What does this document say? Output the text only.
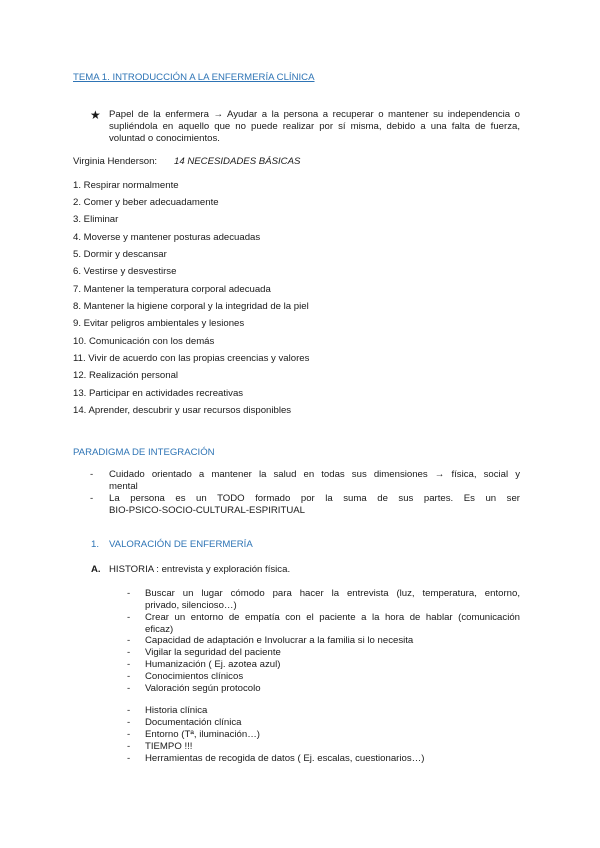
TEMA 1. INTRODUCCIÓN A LA ENFERMERÍA CLÍNICA
★ Papel de la enfermera → Ayudar a la persona a recuperar o mantener su independencia o
supliéndola en aquello que no puede realizar por sí misma, debido a una falta de fuerza,
voluntad o conocimientos.
Virginia Henderson: 14 NECESIDADES BÁSICAS
1. Respirar normalmente
2. Comer y beber adecuadamente
3. Eliminar
4. Moverse y mantener posturas adecuadas
5. Dormir y descansar
6. Vestirse y desvestirse
7. Mantener la temperatura corporal adecuada
8. Mantener la higiene corporal y la integridad de la piel
9. Evitar peligros ambientales y lesiones
10. Comunicación con los demás
11. Vivir de acuerdo con las propias creencias y valores
12. Realización personal
13. Participar en actividades recreativas
14. Aprender, descubrir y usar recursos disponibles
PARADIGMA DE INTEGRACIÓN
- Cuidado orientado a mantener la salud en todas sus dimensiones → física, social y
mental
- La persona es un TODO formado por la suma de sus partes. Es un ser
BIO-PSICO-SOCIO-CULTURAL-ESPIRITUAL
1. VALORACIÓN DE ENFERMERÍA
A. HISTORIA : entrevista y exploración física.
- Buscar un lugar cómodo para hacer la entrevista (luz, temperatura, entorno,
privado, silencioso…)
- Crear un entorno de empatía con el paciente a la hora de hablar (comunicación
eficaz)
- Capacidad de adaptación e Involucrar a la familia si lo necesita
- Vigilar la seguridad del paciente
- Humanización ( Ej. azotea azul)
- Conocimientos clínicos
- Valoración según protocolo
- Historia clínica
- Documentación clínica
- Entorno (Tª, iluminación…)
- TIEMPO !!!
- Herramientas de recogida de datos ( Ej. escalas, cuestionarios…)
